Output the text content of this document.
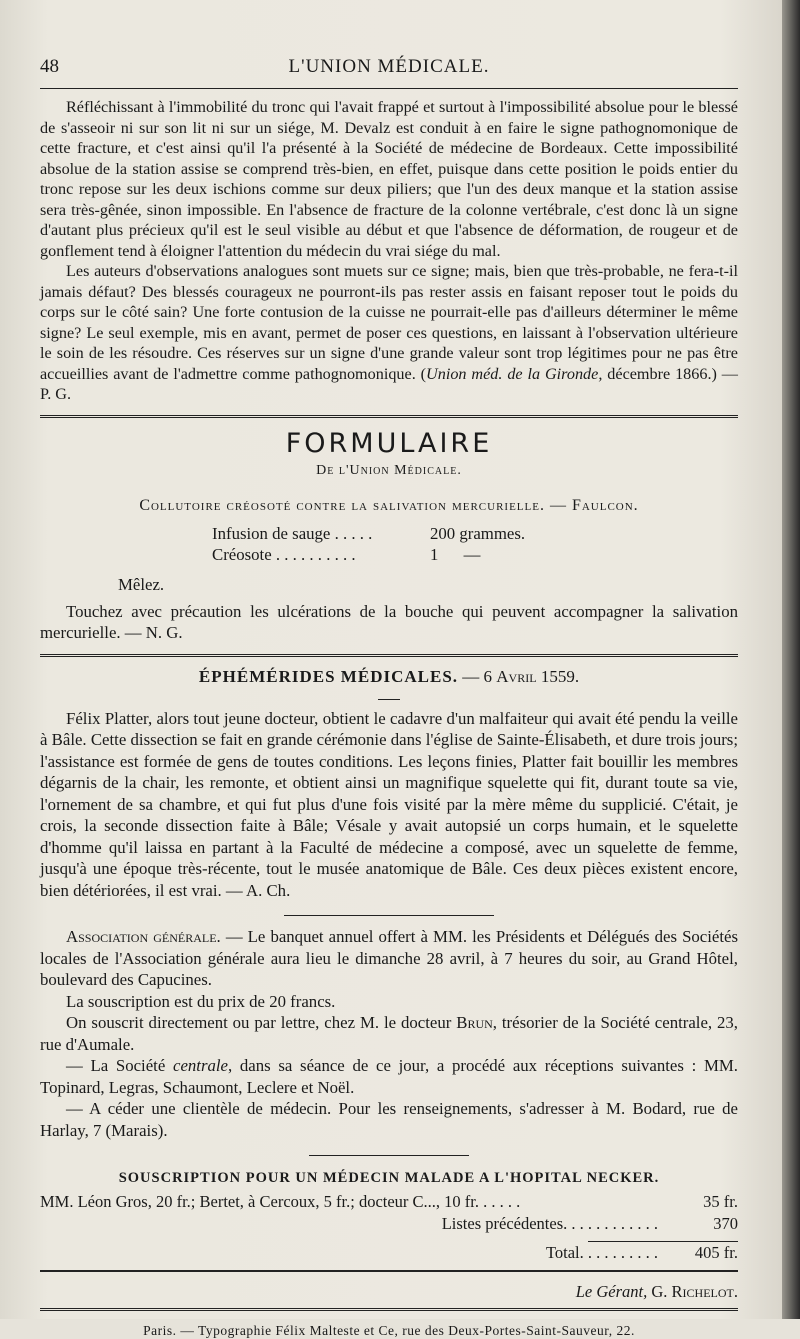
48	L'UNION MÉDICALE.

Réfléchissant à l'immobilité du tronc qui l'avait frappé et surtout à l'impossibilité absolue pour le blessé de s'asseoir ni sur son lit ni sur un siége, M. Devalz est conduit à en faire le signe pathognomonique de cette fracture, et c'est ainsi qu'il l'a présenté à la Société de médecine de Bordeaux. Cette impossibilité absolue de la station assise se comprend très-bien, en effet, puisque dans cette position le poids entier du tronc repose sur les deux ischions comme sur deux piliers; que l'un des deux manque et la station assise sera très-gênée, sinon impossible. En l'absence de fracture de la colonne vertébrale, c'est donc là un signe d'autant plus précieux qu'il est le seul visible au début et que l'absence de déformation, de rougeur et de gonflement tend à éloigner l'attention du médecin du vrai siége du mal.

Les auteurs d'observations analogues sont muets sur ce signe; mais, bien que très-probable, ne fera-t-il jamais défaut? Des blessés courageux ne pourront-ils pas rester assis en faisant reposer tout le poids du corps sur le côté sain? Une forte contusion de la cuisse ne pourrait-elle pas d'ailleurs déterminer le même signe? Le seul exemple, mis en avant, permet de poser ces questions, en laissant à l'observation ultérieure le soin de les résoudre. Ces réserves sur un signe d'une grande valeur sont trop légitimes pour ne pas être accueillies avant de l'admettre comme pathognomonique. (Union méd. de la Gironde, décembre 1866.) — P. G.

FORMULAIRE
De l'Union Médicale.
Collutoire créosoté contre la salivation mercurielle. — Faulcon.
Infusion de sauge . . . . .	200 grammes.
Créosote . . . . . . . . . .	1      —
Mêlez.

Touchez avec précaution les ulcérations de la bouche qui peuvent accompagner la salivation mercurielle. — N. G.

ÉPHÉMÉRIDES MÉDICALES. — 6 Avril 1559.

Félix Platter, alors tout jeune docteur, obtient le cadavre d'un malfaiteur qui avait été pendu la veille à Bâle. Cette dissection se fait en grande cérémonie dans l'église de Sainte-Élisabeth, et dure trois jours; l'assistance est formée de gens de toutes conditions. Les leçons finies, Platter fait bouillir les membres dégarnis de la chair, les remonte, et obtient ainsi un magnifique squelette qui fit, durant toute sa vie, l'ornement de sa chambre, et qui fut plus d'une fois visité par la mère même du supplicié. C'était, je crois, la seconde dissection faite à Bâle; Vésale y avait autopsié un corps humain, et le squelette d'homme qu'il laissa en partant à la Faculté de médecine a composé, avec un squelette de femme, jusqu'à une époque très-récente, tout le musée anatomique de Bâle. Ces deux pièces existent encore, bien détériorées, il est vrai. — A. Ch.

Association générale. — Le banquet annuel offert à MM. les Présidents et Délégués des Sociétés locales de l'Association générale aura lieu le dimanche 28 avril, à 7 heures du soir, au Grand Hôtel, boulevard des Capucines.

La souscription est du prix de 20 francs.

On souscrit directement ou par lettre, chez M. le docteur Brun, trésorier de la Société centrale, 23, rue d'Aumale.

— La Société centrale, dans sa séance de ce jour, a procédé aux réceptions suivantes : MM. Topinard, Legras, Schaumont, Leclere et Noël.

— A céder une clientèle de médecin. Pour les renseignements, s'adresser à M. Bodard, rue de Harlay, 7 (Marais).

SOUSCRIPTION POUR UN MÉDECIN MALADE A L'HOPITAL NECKER.
MM. Léon Gros, 20 fr.; Bertet, à Cercoux, 5 fr.; docteur C..., 10 fr. . . . . .	35 fr.
Listes précédentes. . . . . . . . . . . .	370
Total. . . . . . . . . .	405 fr.
Le Gérant, G. Richelot.
Paris. — Typographie Félix Malteste et Ce, rue des Deux-Portes-Saint-Sauveur, 22.
